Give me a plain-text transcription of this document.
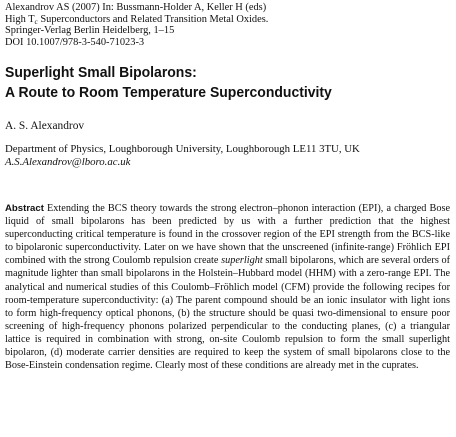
Alexandrov AS (2007) In: Bussmann-Holder A, Keller H (eds)
High $T_c$ Superconductors and Related Transition Metal Oxides.
Springer-Verlag Berlin Heidelberg, 1–15
DOI 10.1007/978-3-540-71023-3
Superlight Small Bipolarons:
A Route to Room Temperature Superconductivity
A. S. Alexandrov
Department of Physics, Loughborough University, Loughborough LE11 3TU, UK
A.S.Alexandrov@lboro.ac.uk
Abstract Extending the BCS theory towards the strong electron–phonon interaction (EPI), a charged Bose liquid of small bipolarons has been predicted by us with a further prediction that the highest superconducting critical temperature is found in the crossover region of the EPI strength from the BCS-like to bipolaronic superconductivity. Later on we have shown that the unscreened (infinite-range) Fröhlich EPI combined with the strong Coulomb repulsion create superlight small bipolarons, which are several orders of magnitude lighter than small bipolarons in the Holstein–Hubbard model (HHM) with a zero-range EPI. The analytical and numerical studies of this Coulomb–Fröhlich model (CFM) provide the following recipes for room-temperature superconductivity: (a) The parent compound should be an ionic insulator with light ions to form high-frequency optical phonons, (b) the structure should be quasi two-dimensional to ensure poor screening of high-frequency phonons polarized perpendicular to the conducting planes, (c) a triangular lattice is required in combination with strong, on-site Coulomb repulsion to form the small superlight bipolaron, (d) moderate carrier densities are required to keep the system of small bipolarons close to the Bose-Einstein condensation regime. Clearly most of these conditions are already met in the cuprates.
